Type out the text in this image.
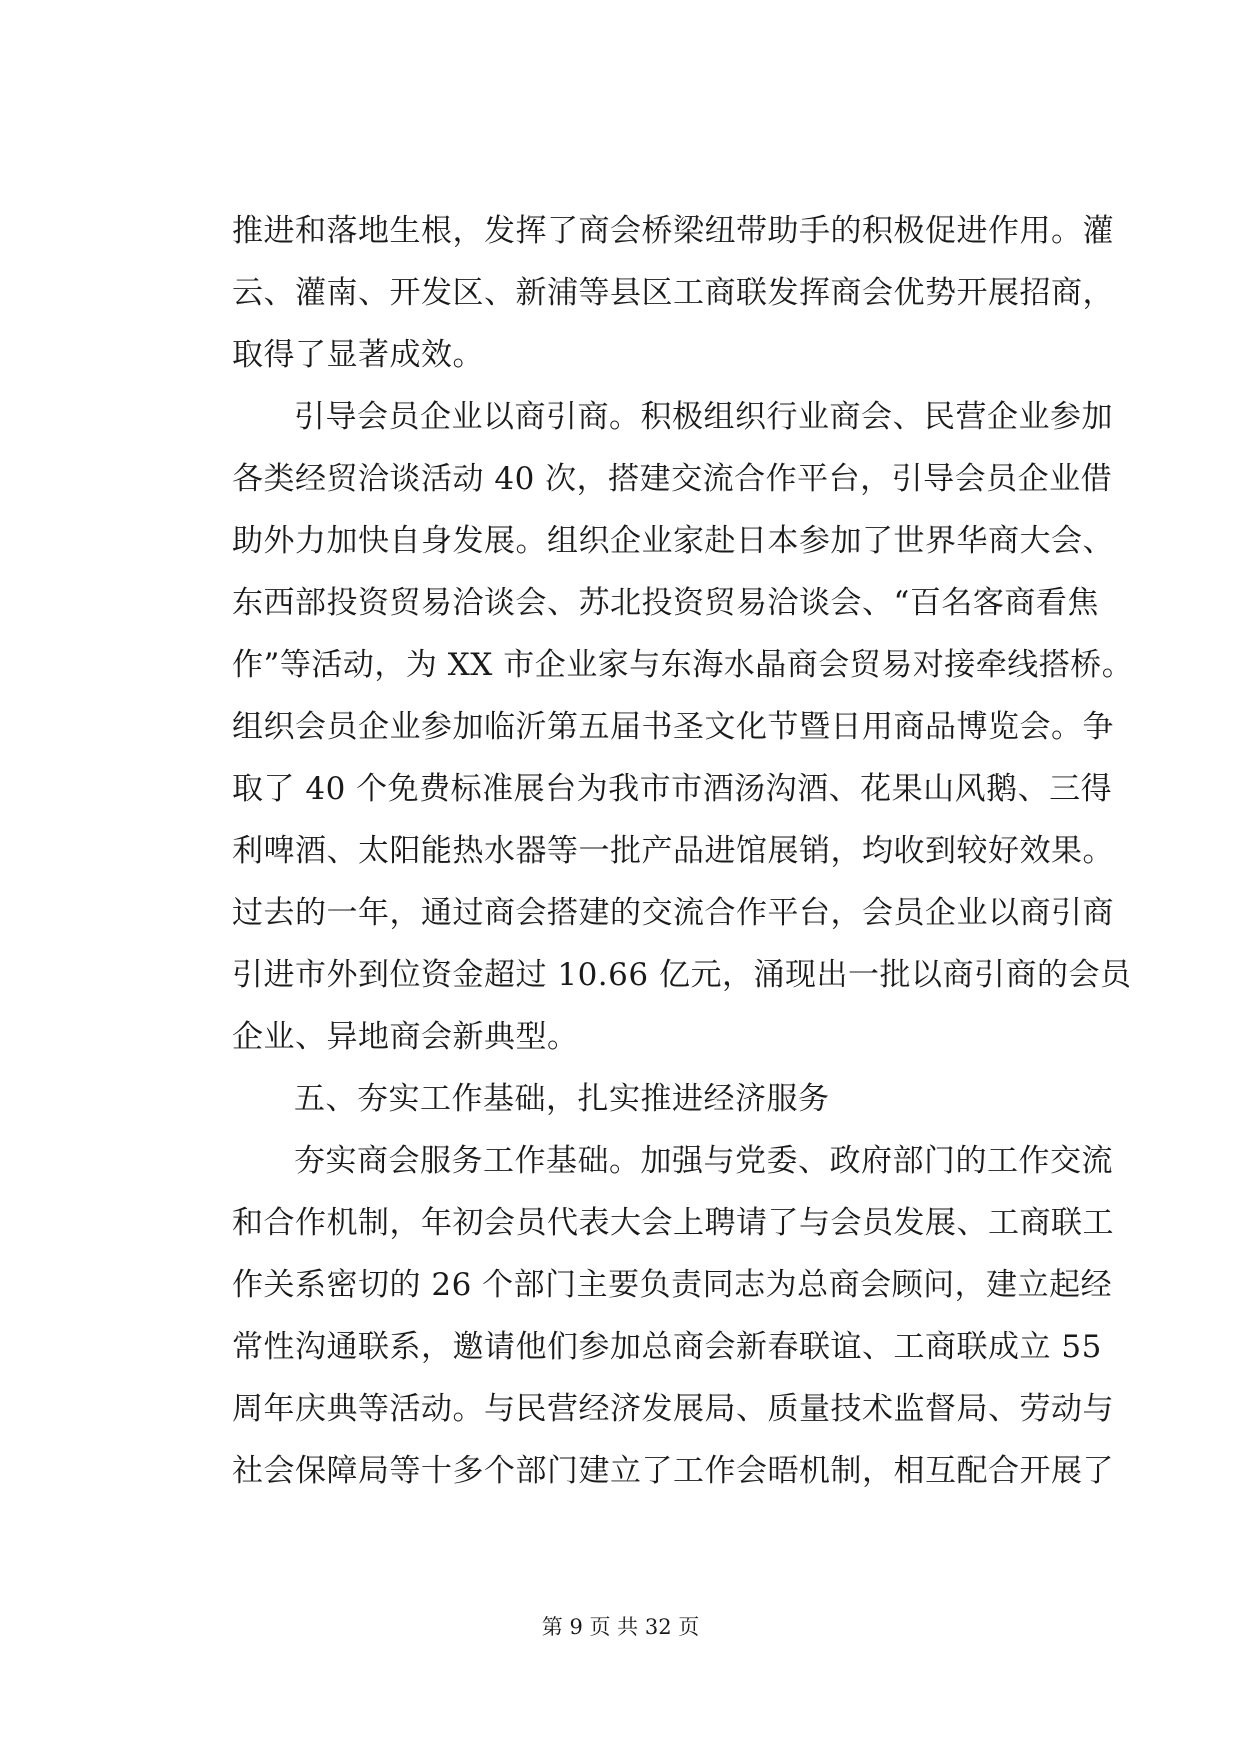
推进和落地生根，发挥了商会桥梁纽带助手的积极促进作用。灌
云、灌南、开发区、新浦等县区工商联发挥商会优势开展招商，
取得了显著成效。
引导会员企业以商引商。积极组织行业商会、民营企业参加
各类经贸洽谈活动 40 次，搭建交流合作平台，引导会员企业借
助外力加快自身发展。组织企业家赴日本参加了世界华商大会、
东西部投资贸易洽谈会、苏北投资贸易洽谈会、“百名客商看焦
作”等活动，为 XX 市企业家与东海水晶商会贸易对接牵线搭桥。
组织会员企业参加临沂第五届书圣文化节暨日用商品博览会。争
取了 40 个免费标准展台为我市市酒汤沟酒、花果山风鹅、三得
利啤酒、太阳能热水器等一批产品进馆展销，均收到较好效果。
过去的一年，通过商会搭建的交流合作平台，会员企业以商引商
引进市外到位资金超过 10.66 亿元，涌现出一批以商引商的会员
企业、异地商会新典型。
五、夯实工作基础，扎实推进经济服务
夯实商会服务工作基础。加强与党委、政府部门的工作交流
和合作机制，年初会员代表大会上聘请了与会员发展、工商联工
作关系密切的 26 个部门主要负责同志为总商会顾问，建立起经
常性沟通联系，邀请他们参加总商会新春联谊、工商联成立 55
周年庆典等活动。与民营经济发展局、质量技术监督局、劳动与
社会保障局等十多个部门建立了工作会晤机制，相互配合开展了
第 9 页 共 32 页
